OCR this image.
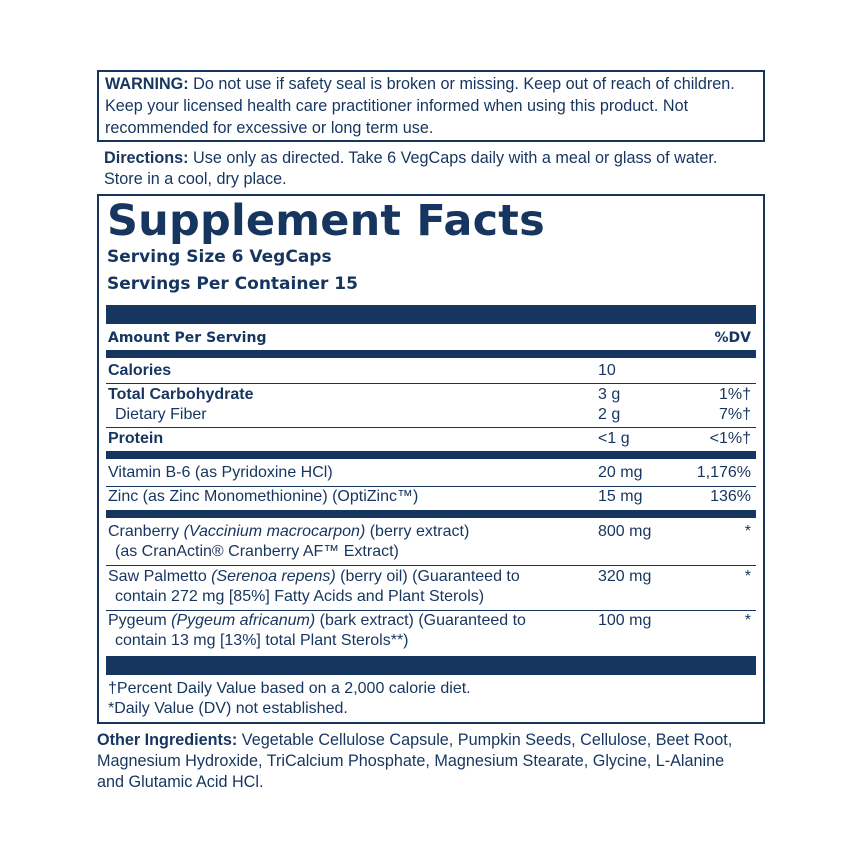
WARNING: Do not use if safety seal is broken or missing. Keep out of reach of children.
Keep your licensed health care practitioner informed when using this product. Not
recommended for excessive or long term use.
Directions: Use only as directed. Take 6 VegCaps daily with a meal or glass of water.
Store in a cool, dry place.
Supplement Facts
Serving Size 6 VegCaps
Servings Per Container 15
Amount Per Serving	%DV
Calories	10
Total Carbohydrate	3 g	1%†
Dietary Fiber	2 g	7%†
Protein	<1 g	<1%†
Vitamin B-6 (as Pyridoxine HCl)	20 mg	1,176%
Zinc (as Zinc Monomethionine) (OptiZinc™)	15 mg	136%
Cranberry (Vaccinium macrocarpon) (berry extract)
(as CranActin® Cranberry AF™ Extract)
800 mg	*
Saw Palmetto (Serenoa repens) (berry oil) (Guaranteed to
contain 272 mg [85%] Fatty Acids and Plant Sterols)
320 mg	*
Pygeum (Pygeum africanum) (bark extract) (Guaranteed to
contain 13 mg [13%] total Plant Sterols**)
100 mg	*
†Percent Daily Value based on a 2,000 calorie diet.
*Daily Value (DV) not established.
Other Ingredients: Vegetable Cellulose Capsule, Pumpkin Seeds, Cellulose, Beet Root,
Magnesium Hydroxide, TriCalcium Phosphate, Magnesium Stearate, Glycine, L-Alanine
and Glutamic Acid HCl.
